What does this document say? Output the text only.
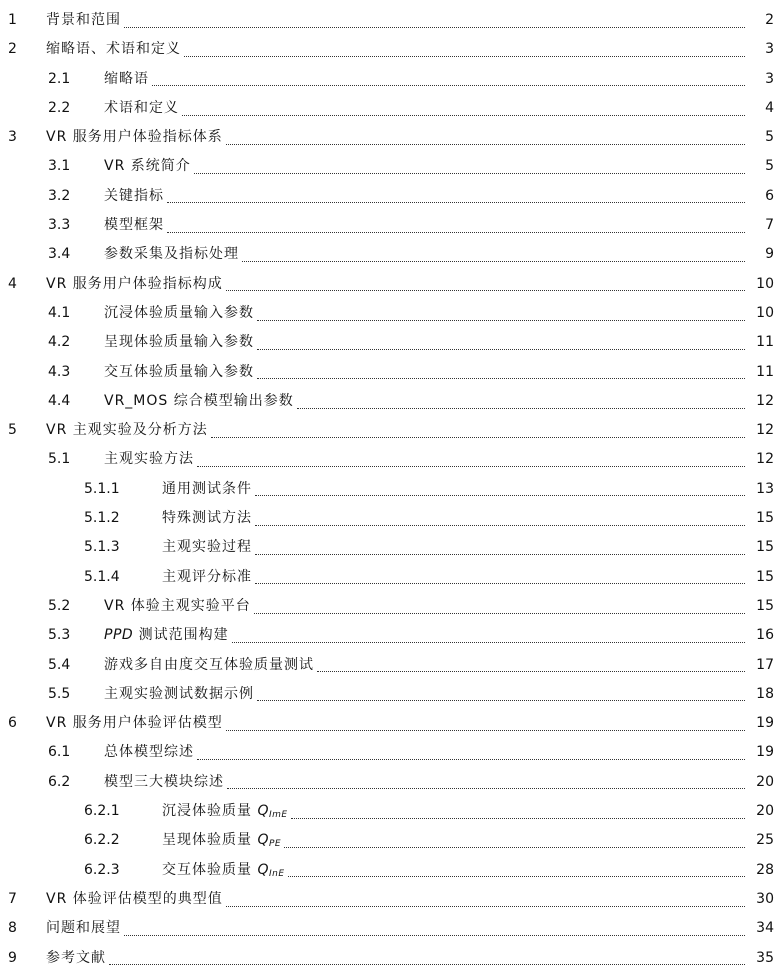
1	背景和范围	2
2	缩略语、术语和定义	3
2.1	缩略语	3
2.2	术语和定义	4
3	VR 服务用户体验指标体系	5
3.1	VR 系统简介	5
3.2	关键指标	6
3.3	模型框架	7
3.4	参数采集及指标处理	9
4	VR 服务用户体验指标构成	10
4.1	沉浸体验质量输入参数	10
4.2	呈现体验质量输入参数	11
4.3	交互体验质量输入参数	11
4.4	VR_MOS 综合模型输出参数	12
5	VR 主观实验及分析方法	12
5.1	主观实验方法	12
5.1.1	通用测试条件	13
5.1.2	特殊测试方法	15
5.1.3	主观实验过程	15
5.1.4	主观评分标准	15
5.2	VR 体验主观实验平台	15
5.3	PPD 测试范围构建	16
5.4	游戏多自由度交互体验质量测试	17
5.5	主观实验测试数据示例	18
6	VR 服务用户体验评估模型	19
6.1	总体模型综述	19
6.2	模型三大模块综述	20
6.2.1	沉浸体验质量 $Q_{ImE}$	20
6.2.2	呈现体验质量 $Q_{PE}$	25
6.2.3	交互体验质量 $Q_{InE}$	28
7	VR 体验评估模型的典型值	30
8	问题和展望	34
9	参考文献	35
